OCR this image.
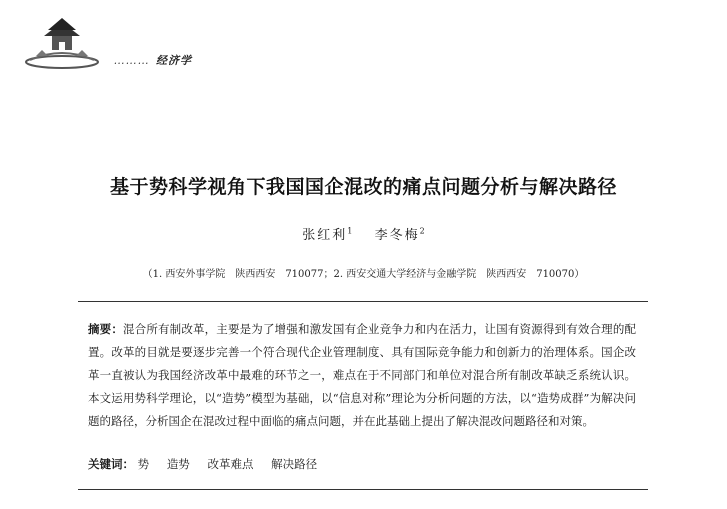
……… 经济学
基于势科学视角下我国国企混改的痛点问题分析与解决路径
张红利$^1$ 李冬梅$^2$
（1. 西安外事学院　陕西西安　710077；2. 西安交通大学经济与金融学院　陕西西安　710070）
摘要：混合所有制改革，主要是为了增强和激发国有企业竞争力和内在活力，让国有资源得到有效合理的配置。改革的目就是要逐步完善一个符合现代企业管理制度、具有国际竞争能力和创新力的治理体系。国企改革一直被认为我国经济改革中最难的环节之一，难点在于不同部门和单位对混合所有制改革缺乏系统认识。本文运用势科学理论，以“造势”模型为基础，以“信息对称”理论为分析问题的方法，以“造势成群”为解决问题的路径，分析国企在混改过程中面临的痛点问题，并在此基础上提出了解决混改问题路径和对策。
关键词： 势 造势 改革难点 解决路径
